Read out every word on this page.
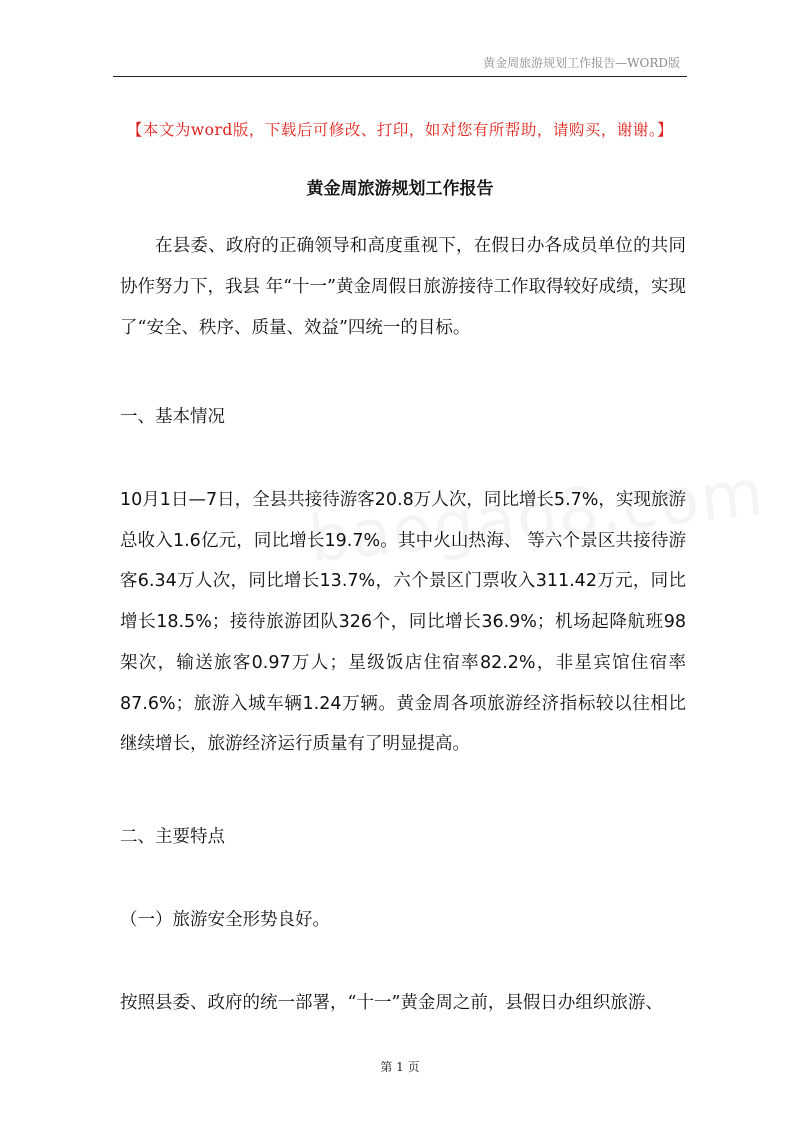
黄金周旅游规划工作报告—WORD版
【本文为word版，下载后可修改、打印，如对您有所帮助，请购买，谢谢。】
黄金周旅游规划工作报告

在县委、政府的正确领导和高度重视下，在假日办各成员单位的共同协作努力下，我县 年“十一”黄金周假日旅游接待工作取得较好成绩，实现了“安全、秩序、质量、效益”四统一的目标。

一、基本情况

10月1日—7日，全县共接待游客20.8万人次，同比增长5.7%，实现旅游总收入1.6亿元，同比增长19.7%。其中火山热海、 等六个景区共接待游客6.34万人次，同比增长13.7%，六个景区门票收入311.42万元，同比增长18.5%；接待旅游团队326个，同比增长36.9%；机场起降航班98架次，输送旅客0.97万人；星级饭店住宿率82.2%，非星宾馆住宿率87.6%；旅游入城车辆1.24万辆。黄金周各项旅游经济指标较以往相比继续增长，旅游经济运行质量有了明显提高。

二、主要特点

（一）旅游安全形势良好。

按照县委、政府的统一部署，“十一”黄金周之前，县假日办组织旅游、

第 1 页
